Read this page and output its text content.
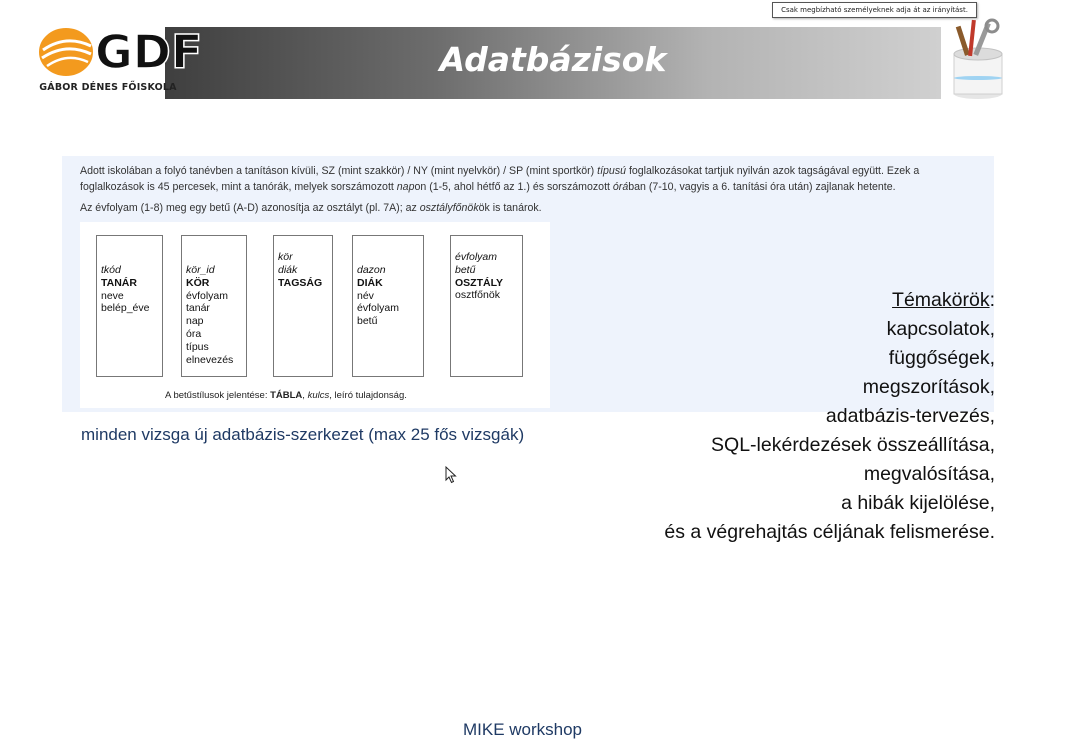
Csak megbízható személyeknek adja át az irányítást.
Adatbázisok
GDF
GÁBOR DÉNES FŐISKOLA

Adott iskolában a folyó tanévben a tanításon kívüli, SZ (mint szakkör) / NY (mint nyelvkör) / SP (mint sportkör) típusú foglalkozásokat tartjuk nyilván azok tagságával együtt. Ezek a foglalkozások is 45 percesek, mint a tanórák, melyek sorszámozott napon (1-5, ahol hétfő az 1.) és sorszámozott órában (7-10, vagyis a 6. tanítási óra után) zajlanak hetente.

Az évfolyam (1-8) meg egy betű (A-D) azonosítja az osztályt (pl. 7A); az osztályfőnökök is tanárok.

tkód
TANÁR
neve
belép_éve
kör_id
KÖR
évfolyam
tanár
nap
óra
típus
elnevezés
kör
diák
TAGSÁG
dazon
DIÁK
név
évfolyam
betű
évfolyam
betű
OSZTÁLY
osztfőnök
A betűstílusok jelentése: TÁBLA, kulcs, leíró tulajdonság.
minden vizsga új adatbázis-szerkezet (max 25 fős vizsgák)
Témakörök:
kapcsolatok,
függőségek,
megszorítások,
adatbázis-tervezés,
SQL-lekérdezések összeállítása,
megvalósítása,
a hibák kijelölése,
és a végrehajtás céljának felismerése.
MIKE workshop
